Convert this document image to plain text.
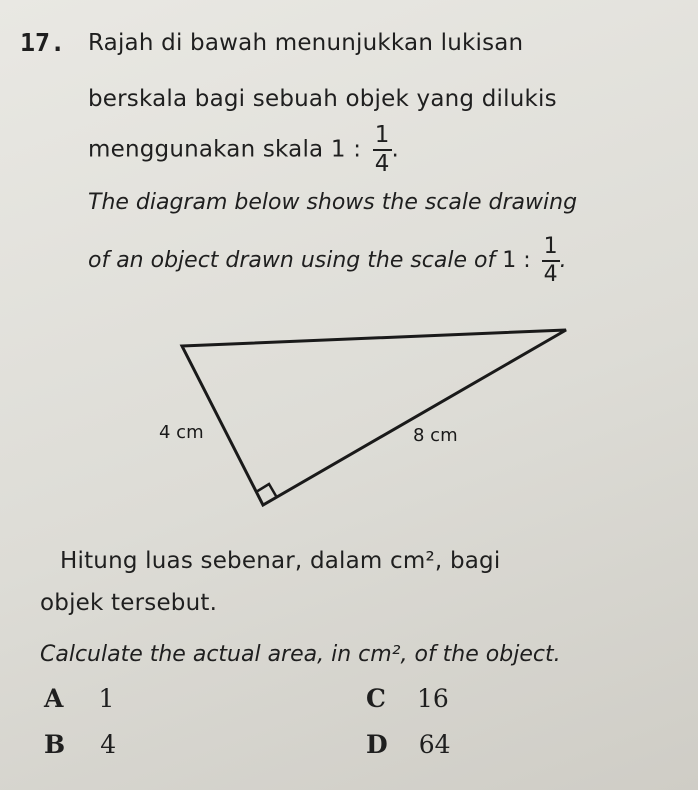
17. Rajah di bawah menunjukkan lukisan
berskala bagi sebuah objek yang dilukis
menggunakan skala 1 : $\frac{1}{4}$ .
The diagram below shows the scale drawing
of an object drawn using the scale of 1 : $\frac{1}{4}$ .
4 cm	8 cm
Hitung luas sebenar, dalam cm², bagi
objek tersebut.
Calculate the actual area, in cm², of the object.
A 1
B 4
C 16
D 64
